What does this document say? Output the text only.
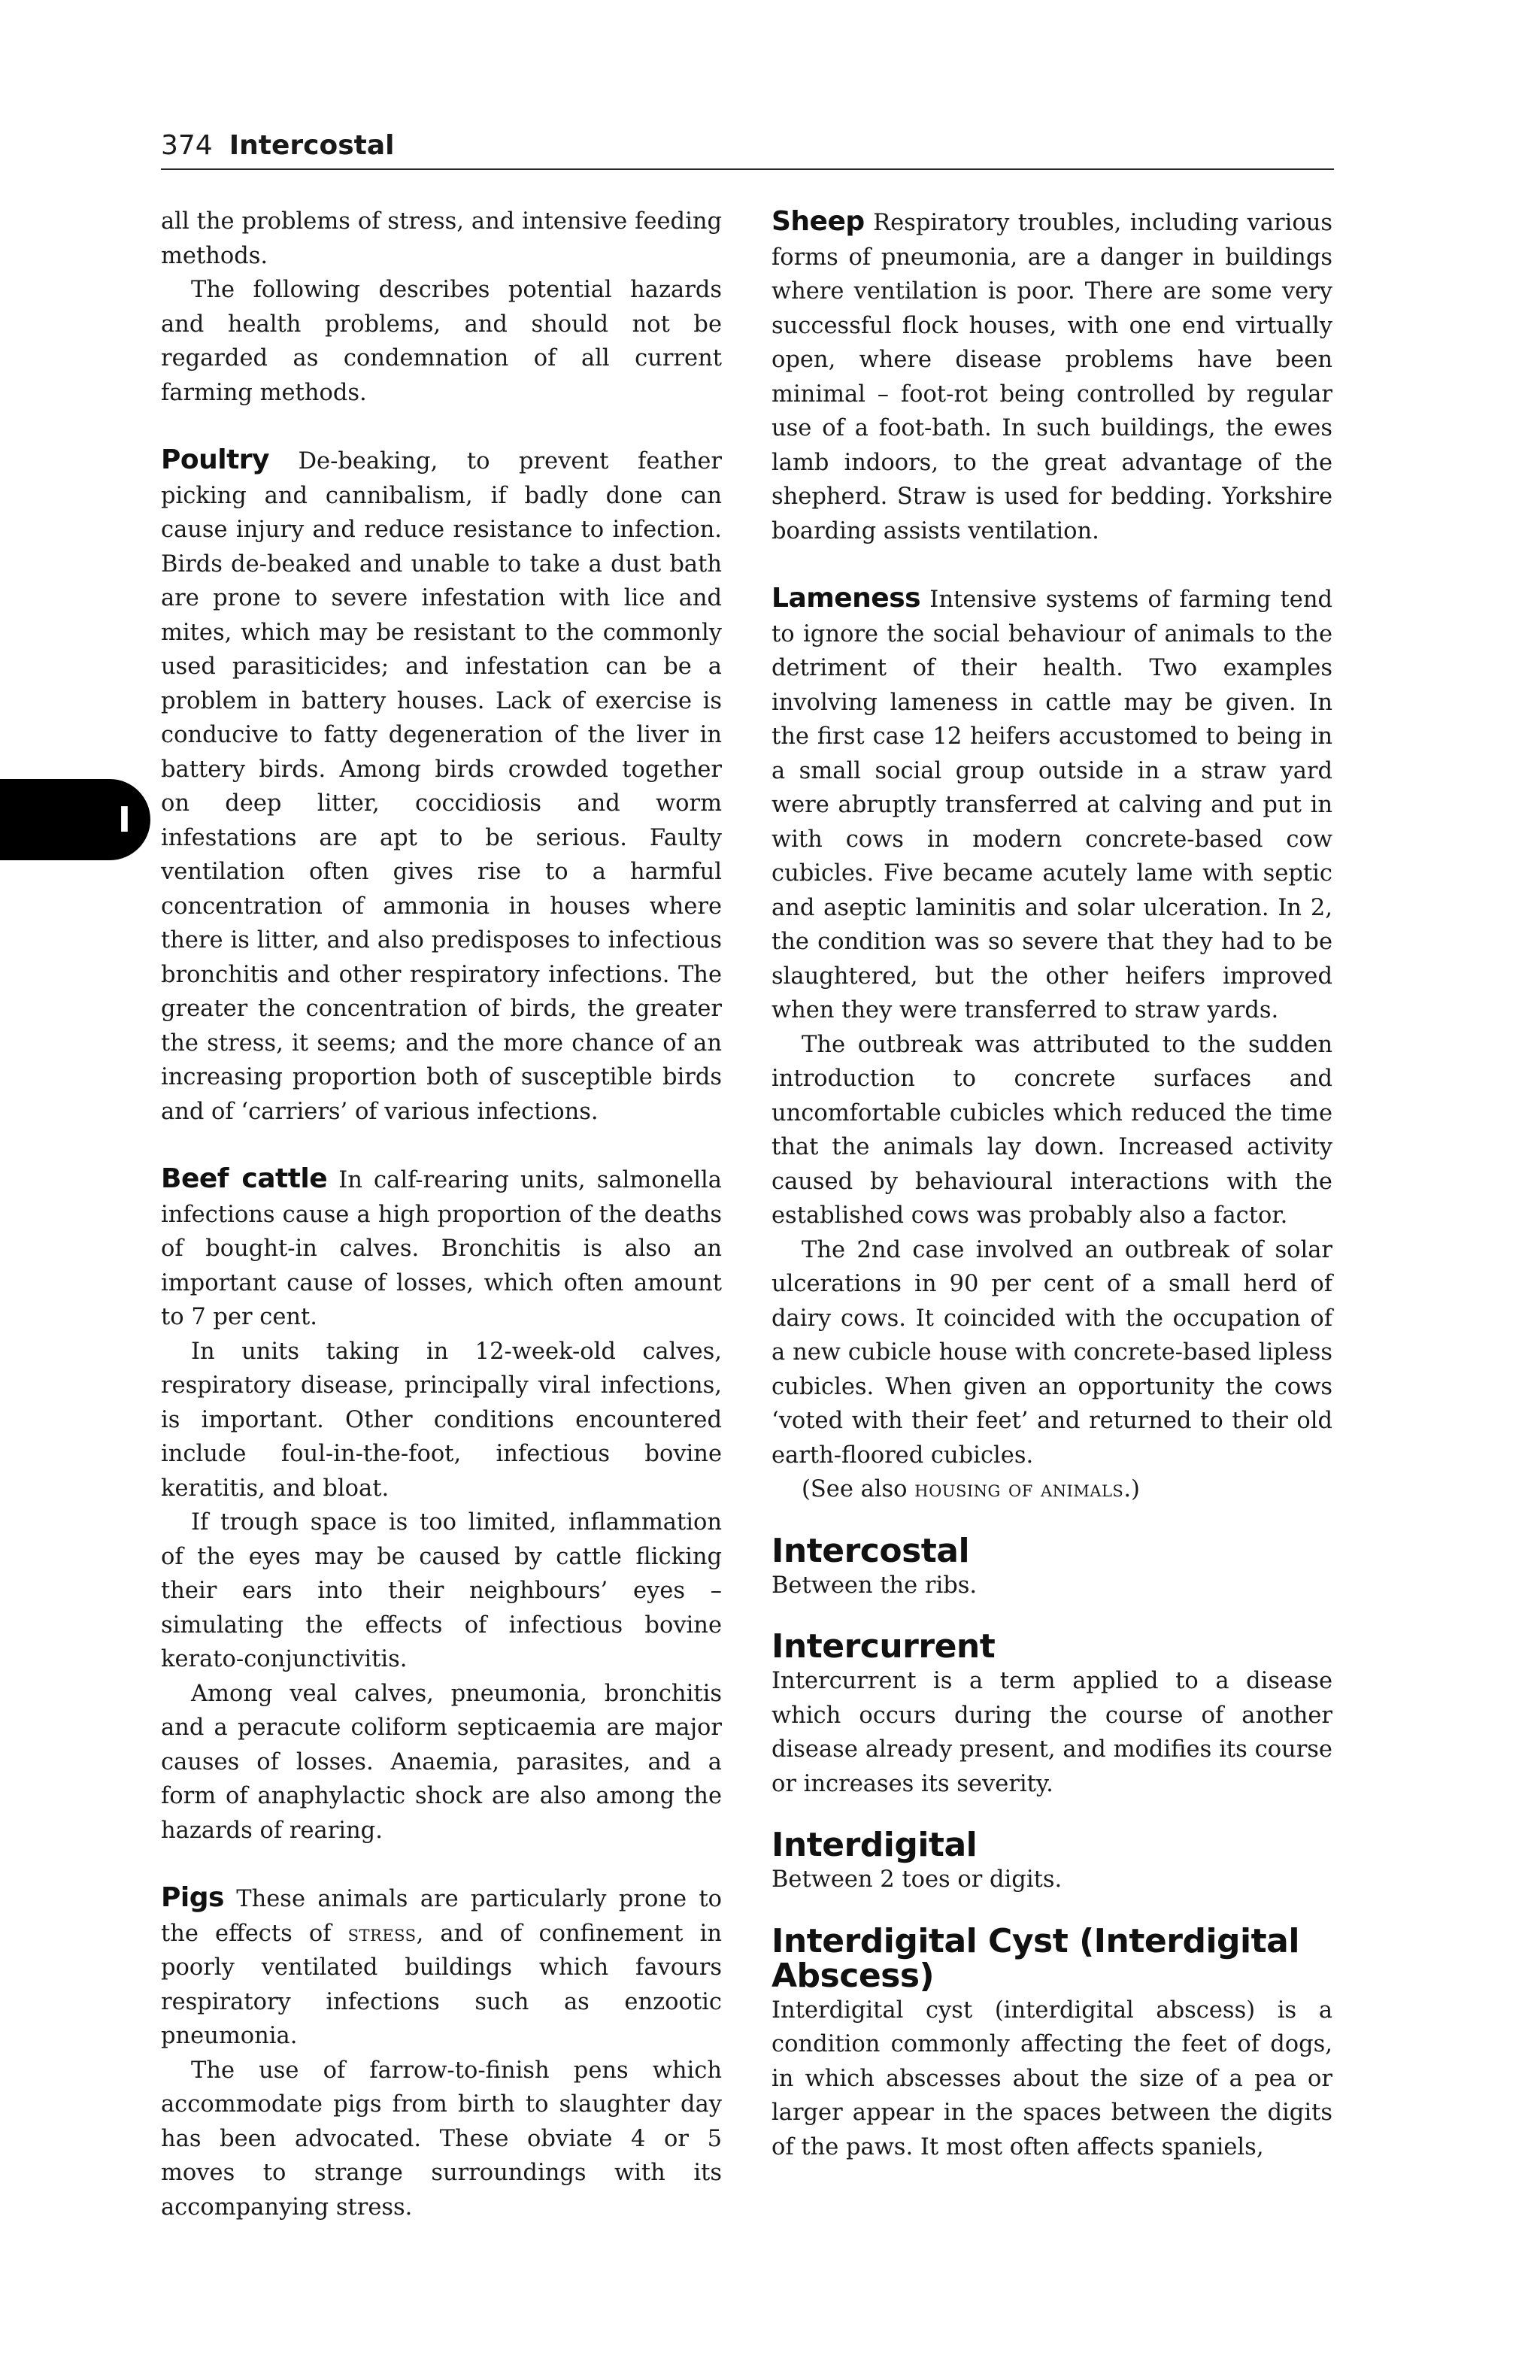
374 Intercostal
I

all the problems of stress, and intensive feeding methods.

The following describes potential hazards and health problems, and should not be regarded as condemnation of all current farming methods.

Poultry De-beaking, to prevent feather picking and cannibalism, if badly done can cause injury and reduce resistance to infection. Birds de-beaked and unable to take a dust bath are prone to severe infestation with lice and mites, which may be resistant to the commonly used parasiticides; and infestation can be a problem in battery houses. Lack of exercise is conducive to fatty degeneration of the liver in battery birds. Among birds crowded together on deep litter, coccidiosis and worm infestations are apt to be serious. Faulty ventilation often gives rise to a harmful concentration of ammonia in houses where there is litter, and also predisposes to infectious bronchitis and other respiratory infections. The greater the concentration of birds, the greater the stress, it seems; and the more chance of an increasing proportion both of susceptible birds and of ‘carriers’ of various infections.

Beef cattle In calf-rearing units, salmonella infections cause a high proportion of the deaths of bought-in calves. Bronchitis is also an important cause of losses, which often amount to 7 per cent.

In units taking in 12-week-old calves, respiratory disease, principally viral infections, is important. Other conditions encountered include foul-in-the-foot, infectious bovine keratitis, and bloat.

If trough space is too limited, inflammation of the eyes may be caused by cattle flicking their ears into their neighbours’ eyes – simulating the effects of infectious bovine kerato-conjunctivitis.

Among veal calves, pneumonia, bronchitis and a peracute coliform septicaemia are major causes of losses. Anaemia, parasites, and a form of anaphylactic shock are also among the hazards of rearing.

Pigs These animals are particularly prone to the effects of stress, and of confinement in poorly ventilated buildings which favours respiratory infections such as enzootic pneumonia.

The use of farrow-to-finish pens which accommodate pigs from birth to slaughter day has been advocated. These obviate 4 or 5 moves to strange surroundings with its accompanying stress.

Sheep Respiratory troubles, including various forms of pneumonia, are a danger in buildings where ventilation is poor. There are some very successful flock houses, with one end virtually open, where disease problems have been minimal – foot-rot being controlled by regular use of a foot-bath. In such buildings, the ewes lamb indoors, to the great advantage of the shepherd. Straw is used for bedding. Yorkshire boarding assists ventilation.

Lameness Intensive systems of farming tend to ignore the social behaviour of animals to the detriment of their health. Two examples involving lameness in cattle may be given. In the first case 12 heifers accustomed to being in a small social group outside in a straw yard were abruptly transferred at calving and put in with cows in modern concrete-based cow cubicles. Five became acutely lame with septic and aseptic laminitis and solar ulceration. In 2, the condition was so severe that they had to be slaughtered, but the other heifers improved when they were transferred to straw yards.

The outbreak was attributed to the sudden introduction to concrete surfaces and uncomfortable cubicles which reduced the time that the animals lay down. Increased activity caused by behavioural interactions with the established cows was probably also a factor.

The 2nd case involved an outbreak of solar ulcerations in 90 per cent of a small herd of dairy cows. It coincided with the occupation of a new cubicle house with concrete-based lipless cubicles. When given an opportunity the cows ‘voted with their feet’ and returned to their old earth-floored cubicles.

(See also housing of animals.)

Intercostal

Between the ribs.

Intercurrent

Intercurrent is a term applied to a disease which occurs during the course of another disease already present, and modifies its course or increases its severity.

Interdigital

Between 2 toes or digits.

Interdigital Cyst (Interdigital Abscess)

Interdigital cyst (interdigital abscess) is a condition commonly affecting the feet of dogs, in which abscesses about the size of a pea or larger appear in the spaces between the digits of the paws. It most often affects spaniels,
